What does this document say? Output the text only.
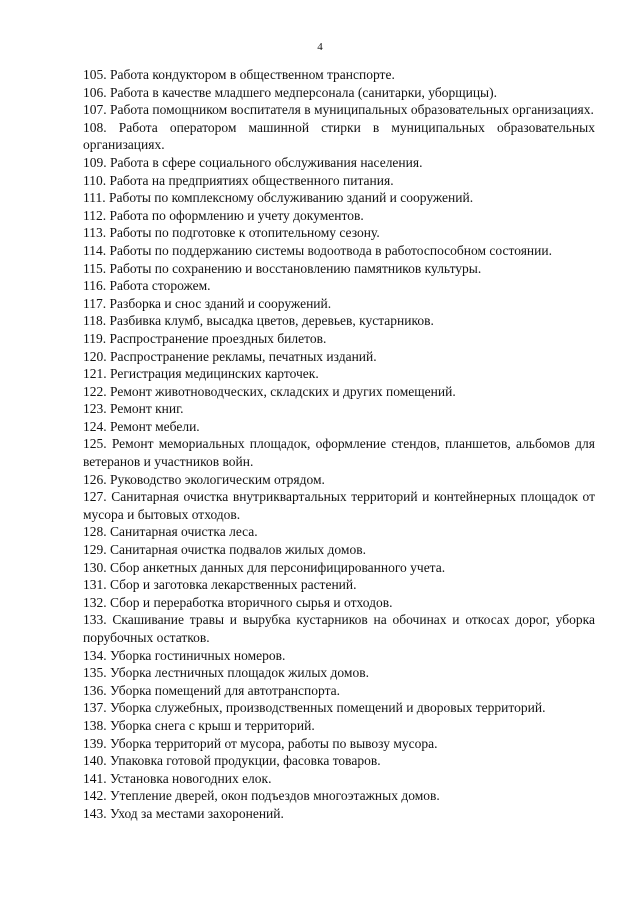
4
105. Работа кондуктором в общественном транспорте.
106. Работа в качестве младшего медперсонала (санитарки, уборщицы).
107. Работа помощником воспитателя в муниципальных образовательных организациях.
108. Работа оператором машинной стирки в муниципальных образовательных организациях.
109. Работа в сфере социального обслуживания населения.
110. Работа на предприятиях общественного питания.
111. Работы по комплексному обслуживанию зданий и сооружений.
112. Работа по оформлению и учету документов.
113. Работы по подготовке к отопительному сезону.
114. Работы по поддержанию системы водоотвода в работоспособном состоянии.
115. Работы по сохранению и восстановлению памятников культуры.
116. Работа сторожем.
117. Разборка и снос зданий и сооружений.
118. Разбивка клумб, высадка цветов, деревьев, кустарников.
119. Распространение проездных билетов.
120. Распространение рекламы, печатных изданий.
121. Регистрация медицинских карточек.
122. Ремонт животноводческих, складских и других помещений.
123. Ремонт книг.
124. Ремонт мебели.
125. Ремонт мемориальных площадок, оформление стендов, планшетов, альбомов для ветеранов и участников войн.
126. Руководство экологическим отрядом.
127. Санитарная очистка внутриквартальных территорий и контейнерных площадок от мусора и бытовых отходов.
128. Санитарная очистка леса.
129. Санитарная очистка подвалов жилых домов.
130. Сбор анкетных данных для персонифицированного учета.
131. Сбор и заготовка лекарственных растений.
132. Сбор и переработка вторичного сырья и отходов.
133. Скашивание травы и вырубка кустарников на обочинах и откосах дорог, уборка порубочных остатков.
134. Уборка гостиничных номеров.
135. Уборка лестничных площадок жилых домов.
136. Уборка помещений для автотранспорта.
137. Уборка служебных, производственных помещений и дворовых территорий.
138. Уборка снега с крыш и территорий.
139. Уборка территорий от мусора, работы по вывозу мусора.
140. Упаковка готовой продукции, фасовка товаров.
141. Установка новогодних елок.
142. Утепление дверей, окон подъездов многоэтажных домов.
143. Уход за местами захоронений.
